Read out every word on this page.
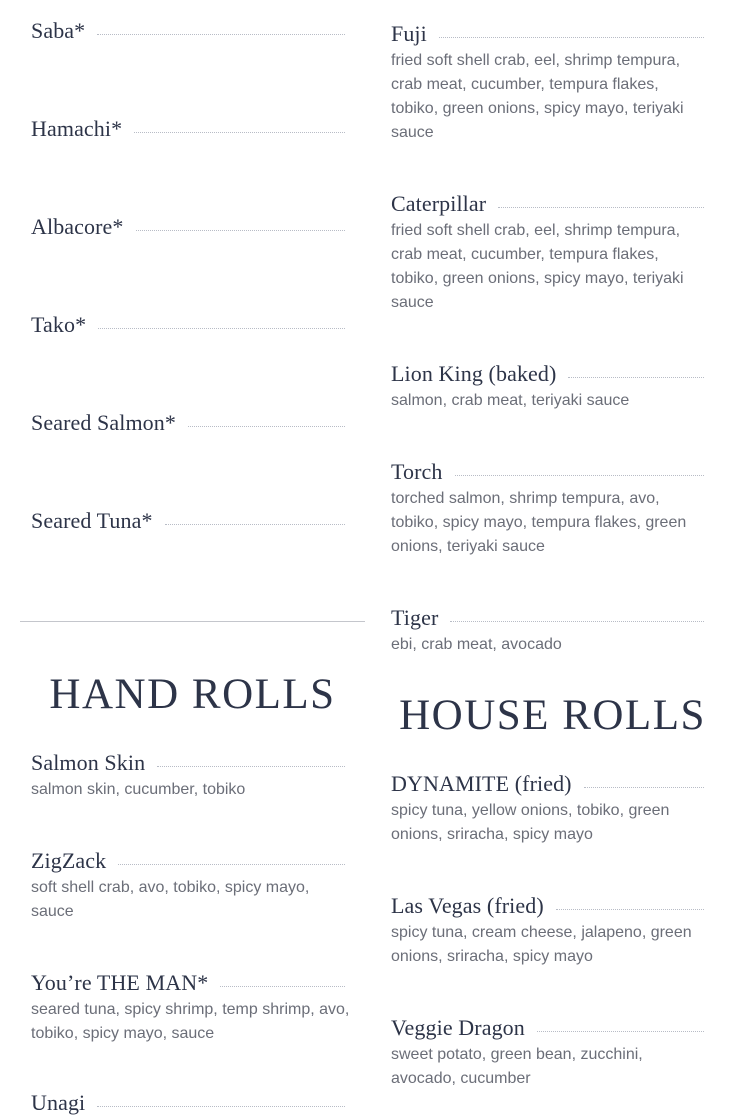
Saba*
Hamachi*
Albacore*
Tako*
Seared Salmon*
Seared Tuna*
HAND ROLLS
Salmon Skin
salmon skin, cucumber, tobiko
ZigZack
soft shell crab, avo, tobiko, spicy mayo, sauce
You’re THE MAN*
seared tuna, spicy shrimp, temp shrimp, avo, tobiko, spicy mayo, sauce
Unagi
Fuji
fried soft shell crab, eel, shrimp tempura, crab meat, cucumber, tempura flakes, tobiko, green onions, spicy mayo, teriyaki sauce
Caterpillar
fried soft shell crab, eel, shrimp tempura, crab meat, cucumber, tempura flakes, tobiko, green onions, spicy mayo, teriyaki sauce
Lion King (baked)
salmon, crab meat, teriyaki sauce
Torch
torched salmon, shrimp tempura, avo, tobiko, spicy mayo, tempura flakes, green onions, teriyaki sauce
Tiger
ebi, crab meat, avocado
HOUSE ROLLS
DYNAMITE (fried)
spicy tuna, yellow onions, tobiko, green onions, sriracha, spicy mayo
Las Vegas (fried)
spicy tuna, cream cheese, jalapeno, green onions, sriracha, spicy mayo
Veggie Dragon
sweet potato, green bean, zucchini, avocado, cucumber
